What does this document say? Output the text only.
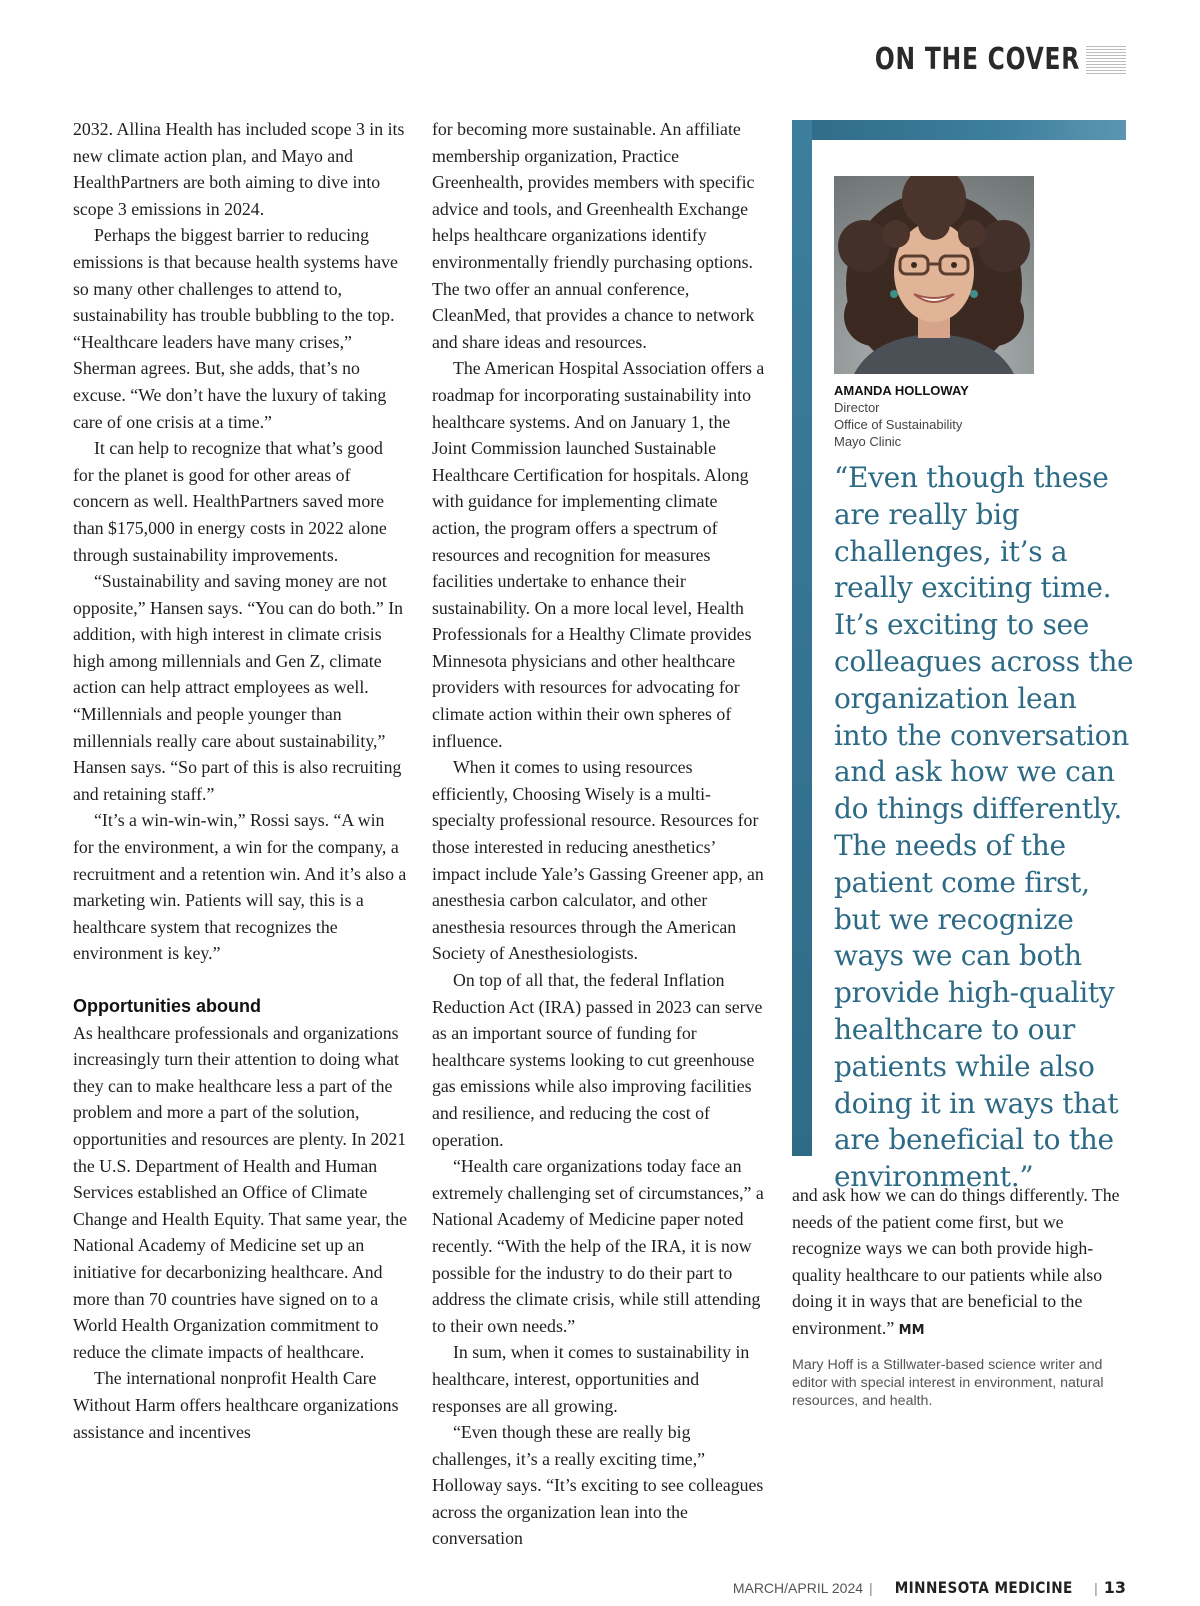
ON THE COVER

2032. Allina Health has included scope 3 in its new climate action plan, and Mayo and HealthPartners are both aiming to dive into scope 3 emissions in 2024.

Perhaps the biggest barrier to reducing emissions is that because health systems have so many other challenges to attend to, sustainability has trouble bubbling to the top. “Healthcare leaders have many crises,” Sherman agrees. But, she adds, that’s no excuse. “We don’t have the luxury of taking care of one crisis at a time.”

It can help to recognize that what’s good for the planet is good for other areas of concern as well. HealthPartners saved more than $175,000 in energy costs in 2022 alone through sustainability improvements.

“Sustainability and saving money are not opposite,” Hansen says. “You can do both.” In addition, with high interest in climate crisis high among millennials and Gen Z, climate action can help attract employees as well. “Millennials and people younger than millennials really care about sustainability,” Hansen says. “So part of this is also recruiting and retaining staff.”

“It’s a win-win-win,” Rossi says. “A win for the environment, a win for the company, a recruitment and a retention win. And it’s also a marketing win. Patients will say, this is a healthcare system that recognizes the environment is key.”

Opportunities abound

As healthcare professionals and organizations increasingly turn their attention to doing what they can to make healthcare less a part of the problem and more a part of the solution, opportunities and resources are plenty. In 2021 the U.S. Department of Health and Human Services established an Office of Climate Change and Health Equity. That same year, the National Academy of Medicine set up an initiative for decarbonizing healthcare. And more than 70 countries have signed on to a World Health Organization commitment to reduce the climate impacts of healthcare.

The international nonprofit Health Care Without Harm offers healthcare organizations assistance and incentives

for becoming more sustainable. An affiliate membership organization, Practice Greenhealth, provides members with specific advice and tools, and Greenhealth Exchange helps healthcare organizations identify environmentally friendly purchasing options. The two offer an annual conference, CleanMed, that provides a chance to network and share ideas and resources.

The American Hospital Association offers a roadmap for incorporating sustainability into healthcare systems. And on January 1, the Joint Commission launched Sustainable Healthcare Certification for hospitals. Along with guidance for implementing climate action, the program offers a spectrum of resources and recognition for measures facilities undertake to enhance their sustainability. On a more local level, Health Professionals for a Healthy Climate provides Minnesota physicians and other healthcare providers with resources for advocating for climate action within their own spheres of influence.

When it comes to using resources efficiently, Choosing Wisely is a multi-specialty professional resource. Resources for those interested in reducing anesthetics’ impact include Yale’s Gassing Greener app, an anesthesia carbon calculator, and other anesthesia resources through the American Society of Anesthesiologists.

On top of all that, the federal Inflation Reduction Act (IRA) passed in 2023 can serve as an important source of funding for healthcare systems looking to cut greenhouse gas emissions while also improving facilities and resilience, and reducing the cost of operation.

“Health care organizations today face an extremely challenging set of circumstances,” a National Academy of Medicine paper noted recently. “With the help of the IRA, it is now possible for the industry to do their part to address the climate crisis, while still attending to their own needs.”

In sum, when it comes to sustainability in healthcare, interest, opportunities and responses are all growing.

“Even though these are really big challenges, it’s a really exciting time,” Holloway says. “It’s exciting to see colleagues across the organization lean into the conversation

AMANDA HOLLOWAY
Director
Office of Sustainability
Mayo Clinic
“Even though these are really big challenges, it’s a really exciting time. It’s exciting to see colleagues across the organization lean into the conversation and ask how we can do things differently. The needs of the patient come first, but we recognize ways we can both provide high-quality healthcare to our patients while also doing it in ways that are beneficial to the environment.”

and ask how we can do things differently. The needs of the patient come first, but we recognize ways we can both provide high-quality healthcare to our patients while also doing it in ways that are beneficial to the environment.” MM

Mary Hoff is a Stillwater-based science writer and editor with special interest in environment, natural resources, and health.
MARCH/APRIL 2024 | MINNESOTA MEDICINE | 13
